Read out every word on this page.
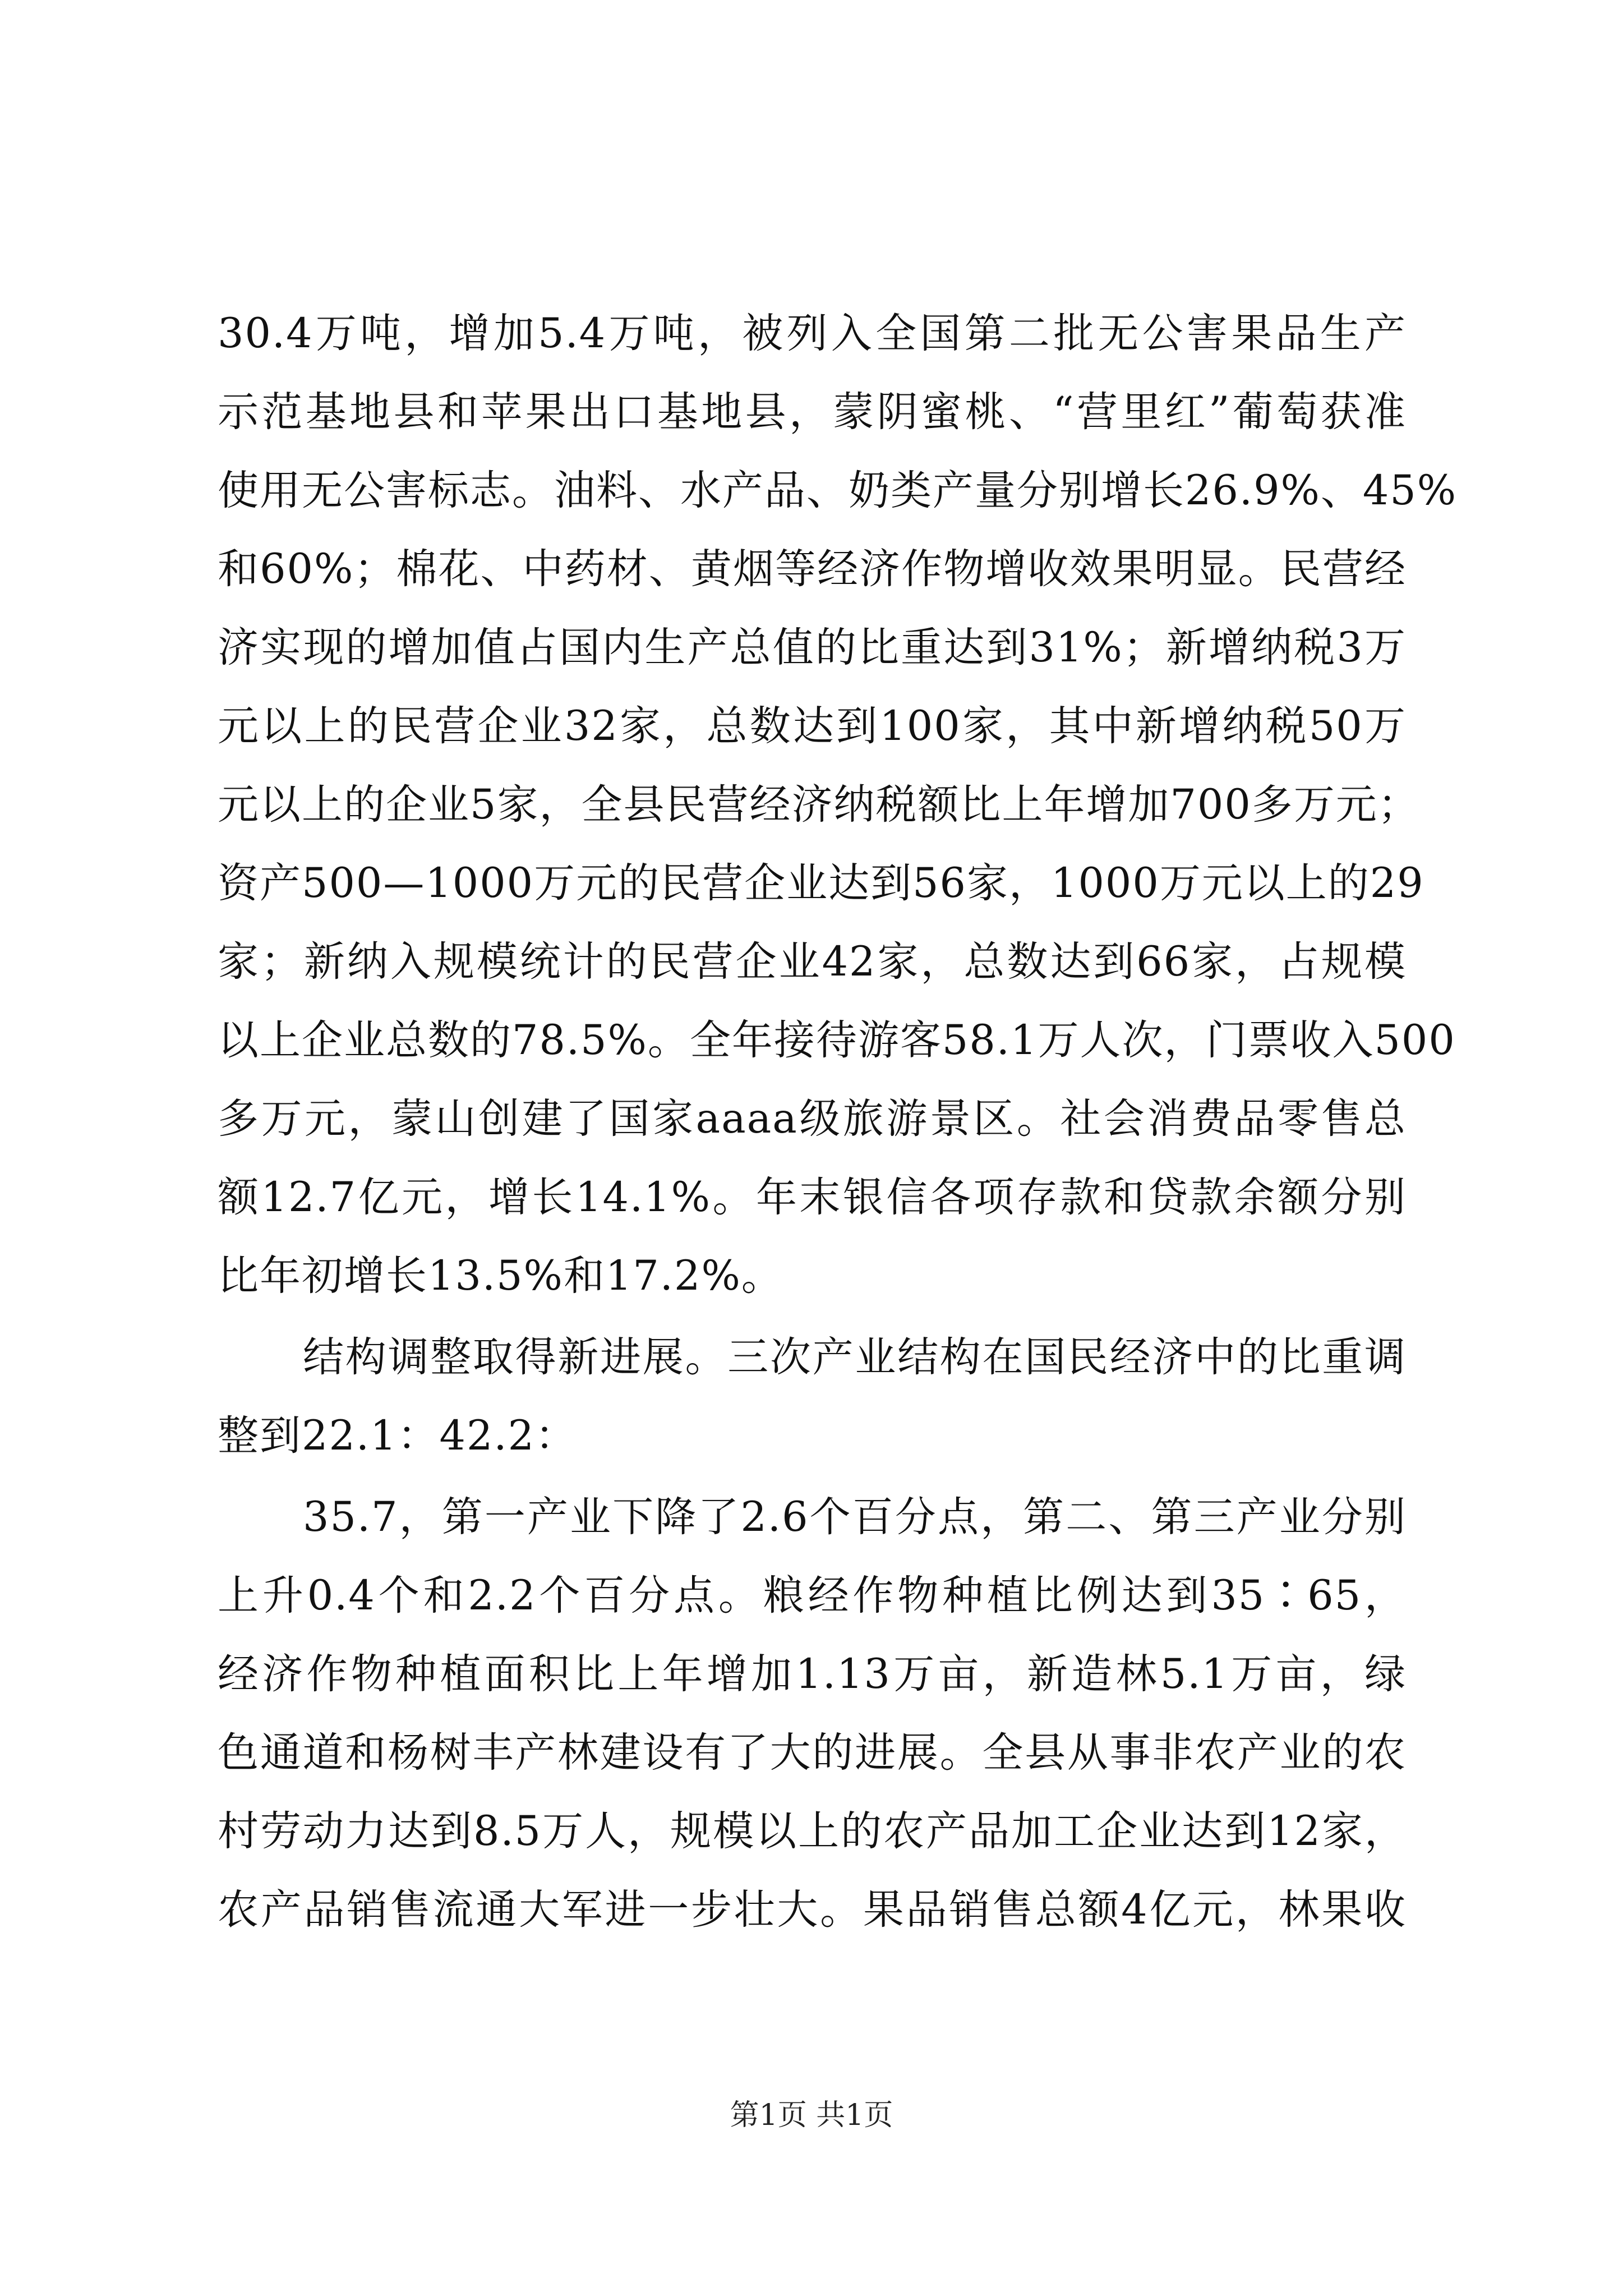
30.4万吨，增加5.4万吨，被列入全国第二批无公害果品生产

示范基地县和苹果出口基地县，蒙阴蜜桃、“营里红”葡萄获准

使用无公害标志。油料、水产品、奶类产量分别增长26.9%、45%

和60%；棉花、中药材、黄烟等经济作物增收效果明显。民营经

济实现的增加值占国内生产总值的比重达到31%；新增纳税3万

元以上的民营企业32家，总数达到100家，其中新增纳税50万

元以上的企业5家，全县民营经济纳税额比上年增加700多万元；

资产500—1000万元的民营企业达到56家，1000万元以上的29

家；新纳入规模统计的民营企业42家，总数达到66家，占规模

以上企业总数的78.5%。全年接待游客58.1万人次，门票收入500

多万元，蒙山创建了国家aaaa级旅游景区。社会消费品零售总

额12.7亿元，增长14.1%。年末银信各项存款和贷款余额分别

比年初增长13.5%和17.2%。

结构调整取得新进展。三次产业结构在国民经济中的比重调

整到22.1：42.2：

35.7，第一产业下降了2.6个百分点，第二、第三产业分别

上升0.4个和2.2个百分点。粮经作物种植比例达到35∶65，

经济作物种植面积比上年增加1.13万亩，新造林5.1万亩，绿

色通道和杨树丰产林建设有了大的进展。全县从事非农产业的农

村劳动力达到8.5万人，规模以上的农产品加工企业达到12家，

农产品销售流通大军进一步壮大。果品销售总额4亿元，林果收

第1页 共1页
